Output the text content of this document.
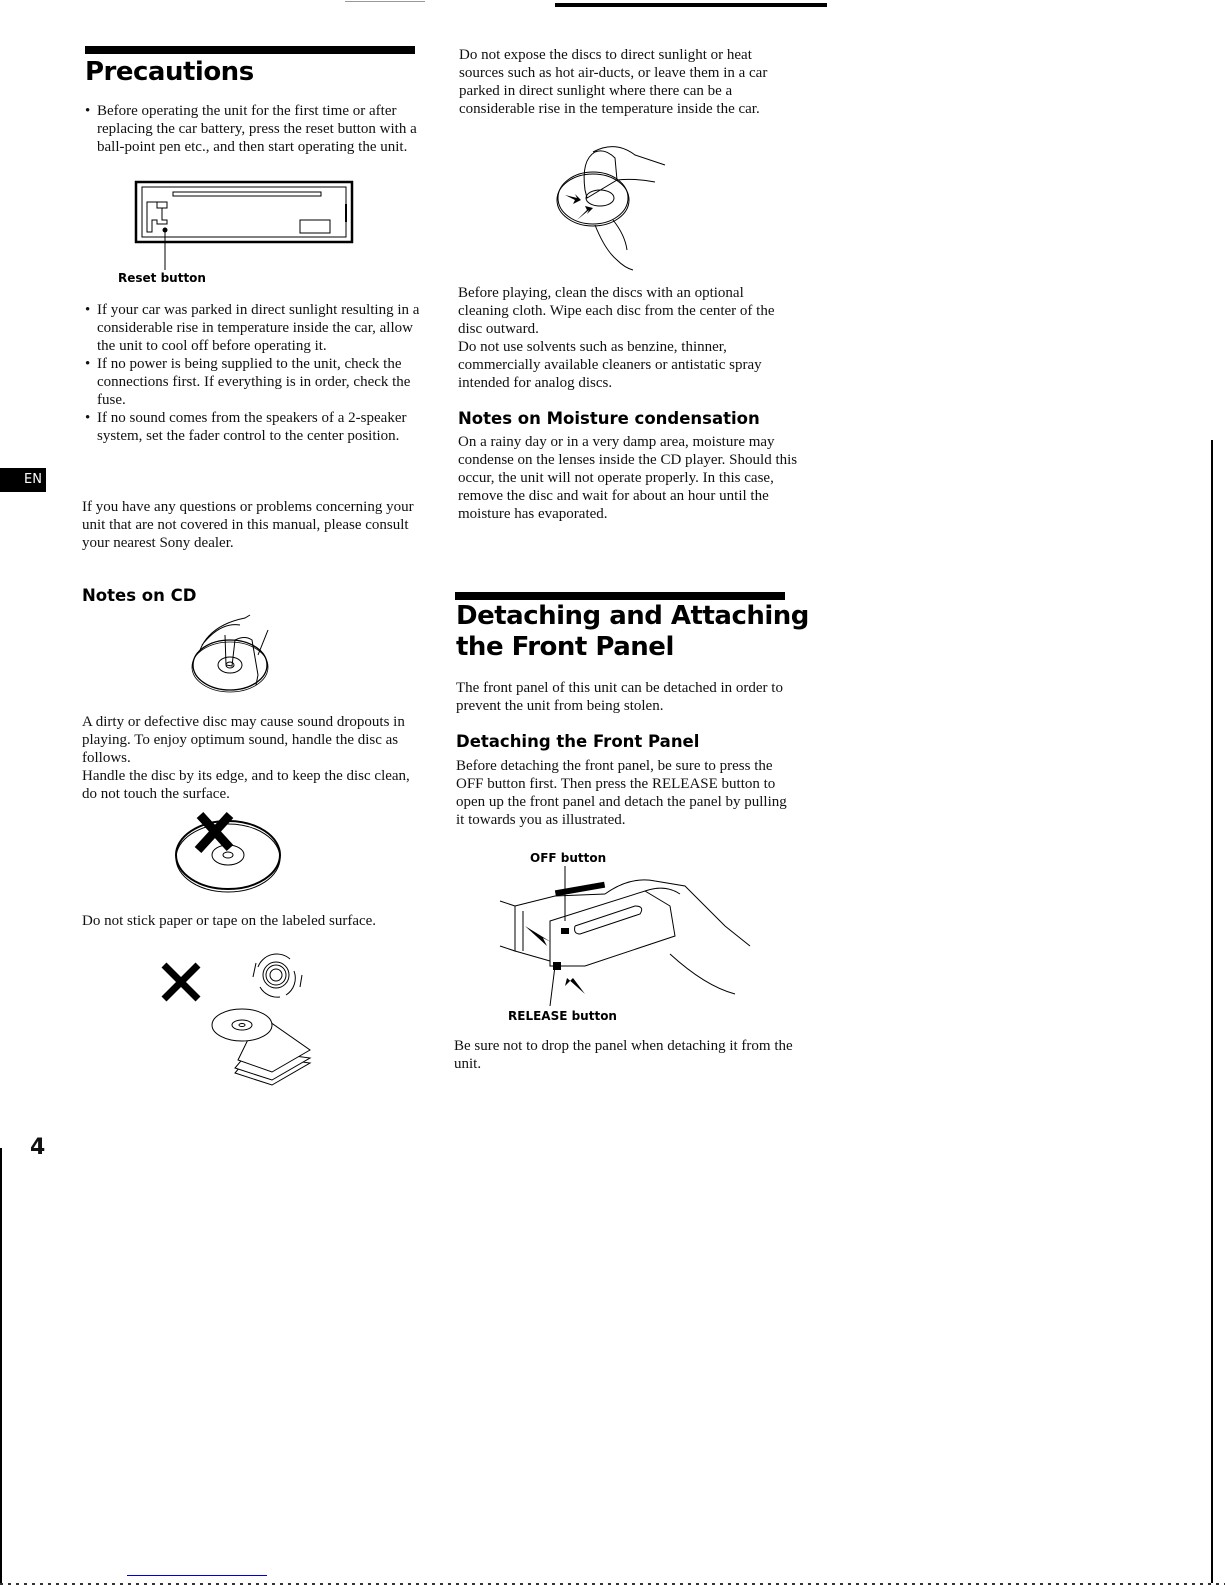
EN
Precautions
• Before operating the unit for the first time or after replacing the car battery, press the reset button with a ball-point pen etc., and then start operating the unit.
Reset button
• If your car was parked in direct sunlight resulting in a considerable rise in temperature inside the car, allow the unit to cool off before operating it.
• If no power is being supplied to the unit, check the connections first. If everything is in order, check the fuse.
• If no sound comes from the speakers of a 2-speaker system, set the fader control to the center position.
If you have any questions or problems concerning your unit that are not covered in this manual, please consult your nearest Sony dealer.
Notes on CD
A dirty or defective disc may cause sound dropouts in playing. To enjoy optimum sound, handle the disc as follows.
Handle the disc by its edge, and to keep the disc clean, do not touch the surface.
Do not stick paper or tape on the labeled surface.
4
Do not expose the discs to direct sunlight or heat sources such as hot air-ducts, or leave them in a car parked in direct sunlight where there can be a considerable rise in the temperature inside the car.
Before playing, clean the discs with an optional cleaning cloth. Wipe each disc from the center of the disc outward.
Do not use solvents such as benzine, thinner, commercially available cleaners or antistatic spray intended for analog discs.
Notes on Moisture condensation
On a rainy day or in a very damp area, moisture may condense on the lenses inside the CD player. Should this occur, the unit will not operate properly. In this case, remove the disc and wait for about an hour until the moisture has evaporated.
Detaching and Attaching
the Front Panel
The front panel of this unit can be detached in order to prevent the unit from being stolen.
Detaching the Front Panel
Before detaching the front panel, be sure to press the OFF button first. Then press the RELEASE button to open up the front panel and detach the panel by pulling it towards you as illustrated.
OFF button
RELEASE button
Be sure not to drop the panel when detaching it from the unit.
